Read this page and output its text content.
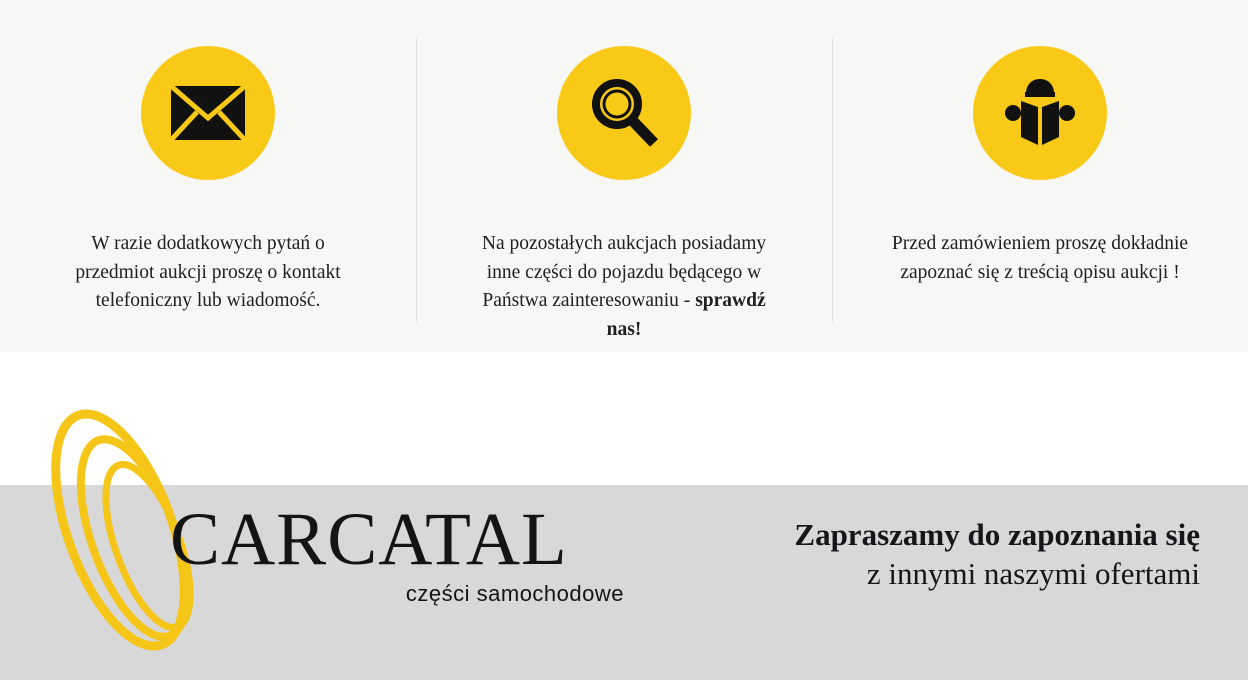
W razie dodatkowych pytań o przedmiot aukcji proszę o kontakt telefoniczny lub wiadomość.
Na pozostałych aukcjach posiadamy inne części do pojazdu będącego w Państwa zainteresowaniu - sprawdź nas!
Przed zamówieniem proszę dokładnie zapoznać się z treścią opisu aukcji !
CARCATAL
części samochodowe
Zapraszamy do zapoznania się
z innymi naszymi ofertami
